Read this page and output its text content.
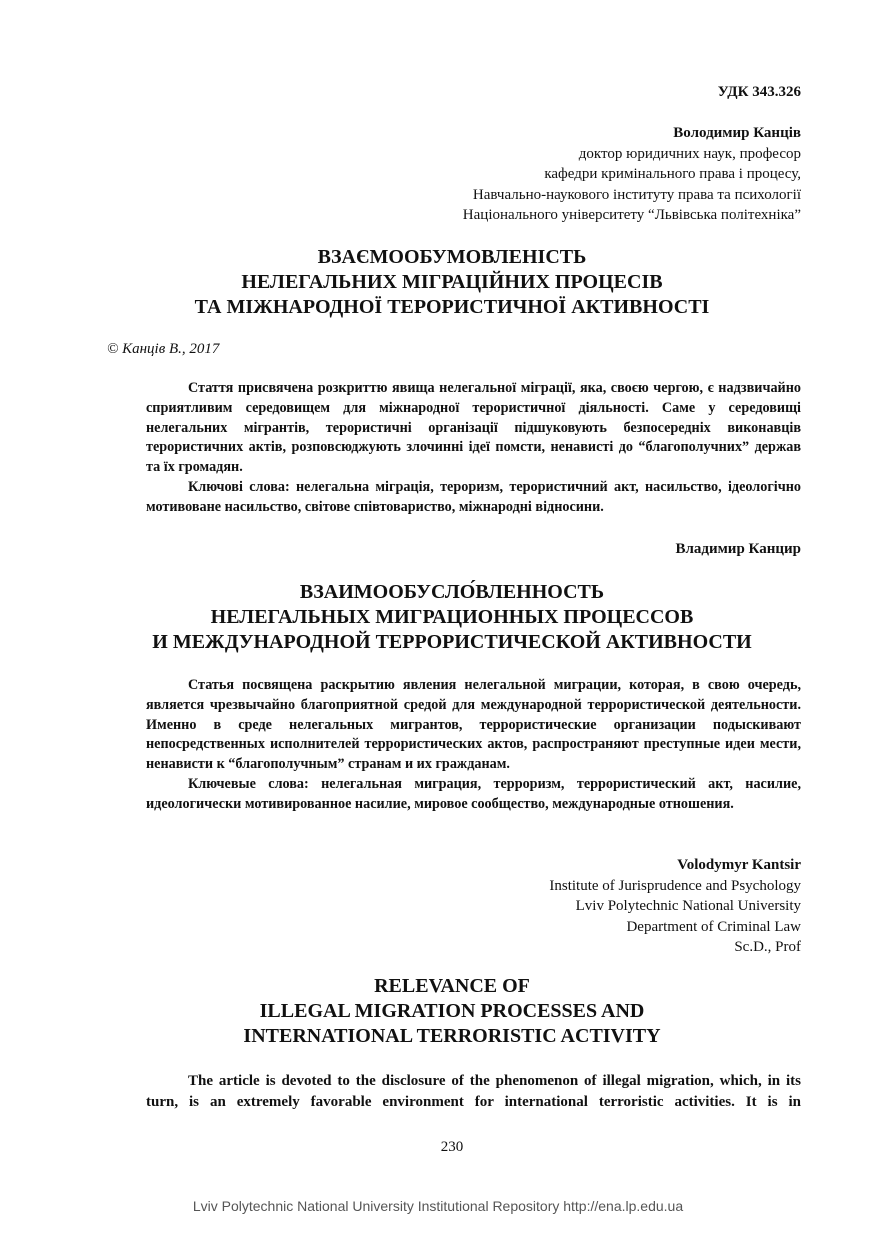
УДК 343.326
Володимир Канців
доктор юридичних наук, професор
кафедри кримінального права і процесу,
Навчально-наукового інституту права та психології
Національного університету “Львівська політехніка”
ВЗАЄМООБУМОВЛЕНІСТЬ
НЕЛЕГАЛЬНИХ МІГРАЦІЙНИХ ПРОЦЕСІВ
ТА МІЖНАРОДНОЇ ТЕРОРИСТИЧНОЇ АКТИВНОСТІ
© Канців В., 2017

Стаття присвячена розкриттю явища нелегальної міграції, яка, своєю чергою, є надзвичайно сприятливим середовищем для міжнародної терористичної діяльності. Саме у середовищі нелегальних мігрантів, терористичні організації підшуковують безпосередніх виконавців терористичних актів, розповсюджують злочинні ідеї помсти, ненависті до “благополучних” держав та їх громадян.

Ключові слова: нелегальна міграція, тероризм, терористичний акт, насильство, ідеологічно мотивоване насильство, світове співтовариство, міжнародні відносини.

Владимир Канцир
ВЗАИМООБУСЛО́ВЛЕННОСТЬ
НЕЛЕГАЛЬНЫХ МИГРАЦИОННЫХ ПРОЦЕССОВ
И МЕЖДУНАРОДНОЙ ТЕРРОРИСТИЧЕСКОЙ АКТИВНОСТИ

Статья посвящена раскрытию явления нелегальной миграции, которая, в свою очередь, является чрезвычайно благоприятной средой для международной террористической деятельности. Именно в среде нелегальных мигрантов, террористические организации подыскивают непосредственных исполнителей террористических актов, распространяют преступные идеи мести, ненависти к “благополучным” странам и их гражданам.

Ключевые слова: нелегальная миграция, терроризм, террористический акт, насилие, идеологически мотивированное насилие, мировое сообщество, международные отношения.

Volodymyr Kantsir
Institute of Jurisprudence and Psychology
Lviv Polytechnic National University
Department of Criminal Law
Sc.D., Prof
RELEVANCE OF
ILLEGAL MIGRATION PROCESSES AND
INTERNATIONAL TERRORISTIC ACTIVITY

The article is devoted to the disclosure of the phenomenon of illegal migration, which, in its turn, is an extremely favorable environment for international terroristic activities. It is in

230
Lviv Polytechnic National University Institutional Repository http://ena.lp.edu.ua
